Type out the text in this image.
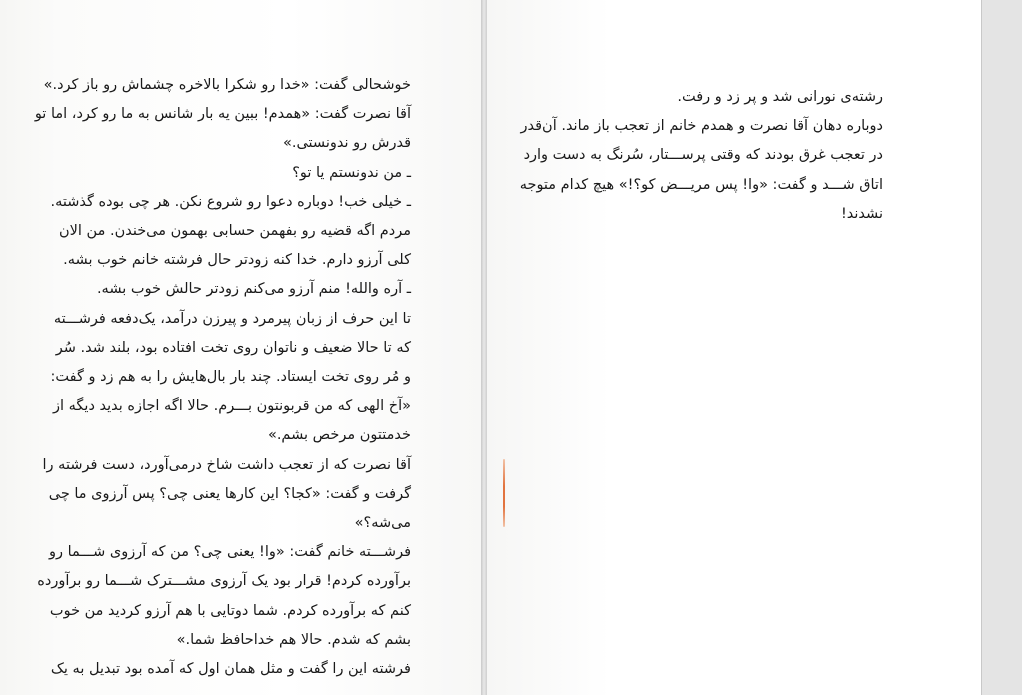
خوشحالی گفت: «خدا رو شکرا بالاخره چشماش رو باز کرد.»
آقا نصرت گفت: «همدم! ببین یه بار شانس به ما رو کرد، اما تو
قدرش رو ندونستی.»
ـ من ندونستم یا تو؟
ـ خیلی خب! دوباره دعوا رو شروع نکن. هر چی بوده گذشته.
مردم اگه قضیه رو بفهمن حسابی بهمون می‌خندن. من الان
کلی آرزو دارم. خدا کنه زودتر حال فرشته خانم خوب بشه.
ـ آره والله! منم آرزو می‌کنم زودتر حالش خوب بشه.
تا این حرف از زبان پیرمرد و پیرزن درآمد، یک‌دفعه فرشـــته
که تا حالا ضعیف و ناتوان روی تخت افتاده بود، بلند شد. سُر
و مُر روی تخت ایستاد. چند بار بال‌هایش را به هم زد و گفت:
«آخ الهی که من قربونتون بـــرم. حالا اگه اجازه بدید دیگه از
خدمتتون مرخص بشم.»
آقا نصرت که از تعجب داشت شاخ درمی‌آورد، دست فرشته را
گرفت و گفت: «کجا؟ این کارها یعنی چی؟ پس آرزوی ما چی
می‌شه؟»
فرشـــته خانم گفت: «وا! یعنی چی؟ من که آرزوی شـــما رو
برآورده کردم! قرار بود یک آرزوی مشـــترک شـــما رو برآورده
کنم که برآورده کردم. شما دوتایی با هم آرزو کردید من خوب
بشم که شدم. حالا هم خداحافظ شما.»
فرشته این را گفت و مثل همان اول که آمده بود تبدیل به یک
رشته‌ی نورانی شد و پر زد و رفت.
دوباره دهان آقا نصرت و همدم خانم از تعجب باز ماند. آن‌قدر
در تعجب غرق بودند که وقتی پرســـتار، سُرنگ به دست وارد
اتاق شـــد و گفت: «وا! پس مریـــض کو؟!» هیچ کدام متوجه
نشدند!
